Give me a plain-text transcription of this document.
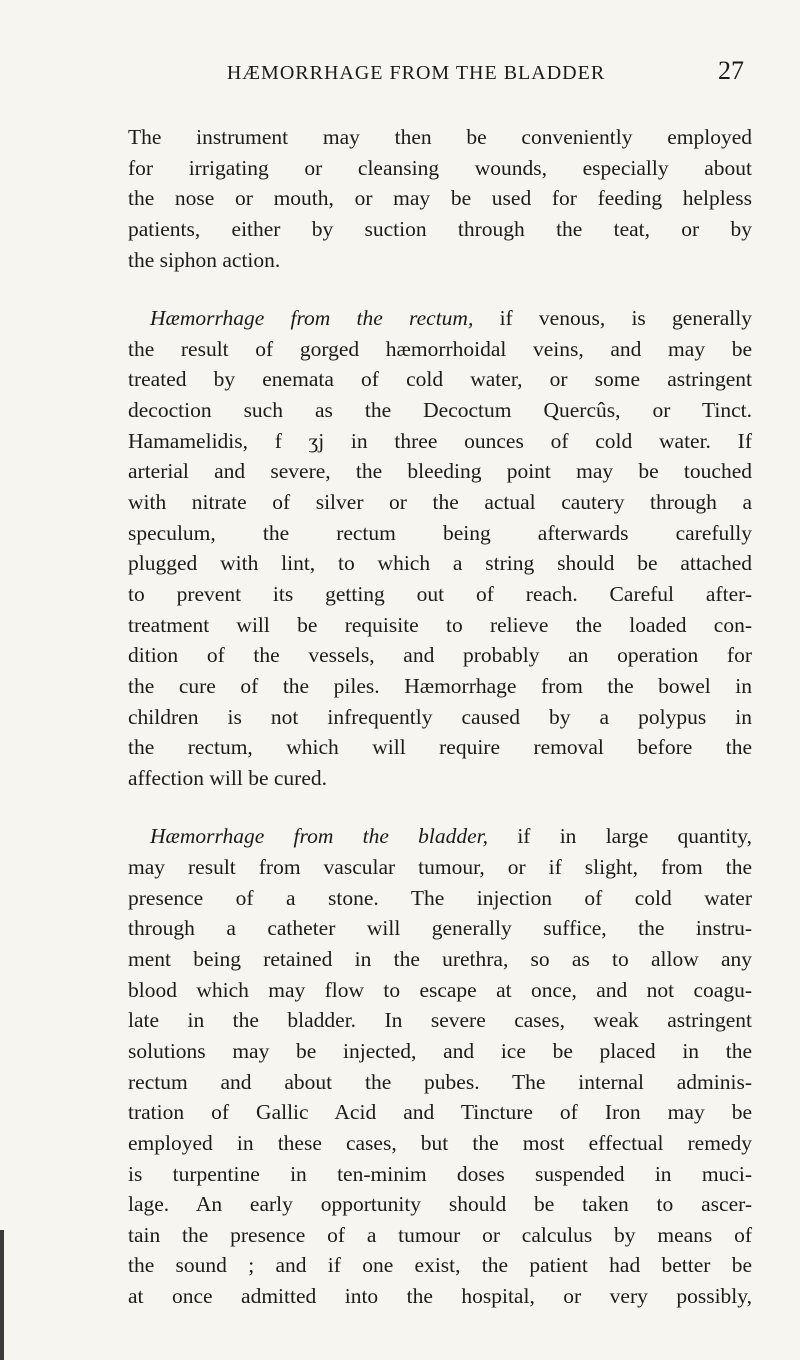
HÆMORRHAGE FROM THE BLADDER	27
The instrument may then be conveniently employed
for irrigating or cleansing wounds, especially about
the nose or mouth, or may be used for feeding helpless
patients, either by suction through the teat, or by
the siphon action.
Hæmorrhage from the rectum, if venous, is generally
the result of gorged hæmorrhoidal veins, and may be
treated by enemata of cold water, or some astringent
decoction such as the Decoctum Quercûs, or Tinct.
Hamamelidis, f ʒj in three ounces of cold water. If
arterial and severe, the bleeding point may be touched
with nitrate of silver or the actual cautery through a
speculum, the rectum being afterwards carefully
plugged with lint, to which a string should be attached
to prevent its getting out of reach. Careful after-
treatment will be requisite to relieve the loaded con-
dition of the vessels, and probably an operation for
the cure of the piles. Hæmorrhage from the bowel in
children is not infrequently caused by a polypus in
the rectum, which will require removal before the
affection will be cured.
Hæmorrhage from the bladder, if in large quantity,
may result from vascular tumour, or if slight, from the
presence of a stone. The injection of cold water
through a catheter will generally suffice, the instru-
ment being retained in the urethra, so as to allow any
blood which may flow to escape at once, and not coagu-
late in the bladder. In severe cases, weak astringent
solutions may be injected, and ice be placed in the
rectum and about the pubes. The internal adminis-
tration of Gallic Acid and Tincture of Iron may be
employed in these cases, but the most effectual remedy
is turpentine in ten-minim doses suspended in muci-
lage. An early opportunity should be taken to ascer-
tain the presence of a tumour or calculus by means of
the sound ; and if one exist, the patient had better be
at once admitted into the hospital, or very possibly,
